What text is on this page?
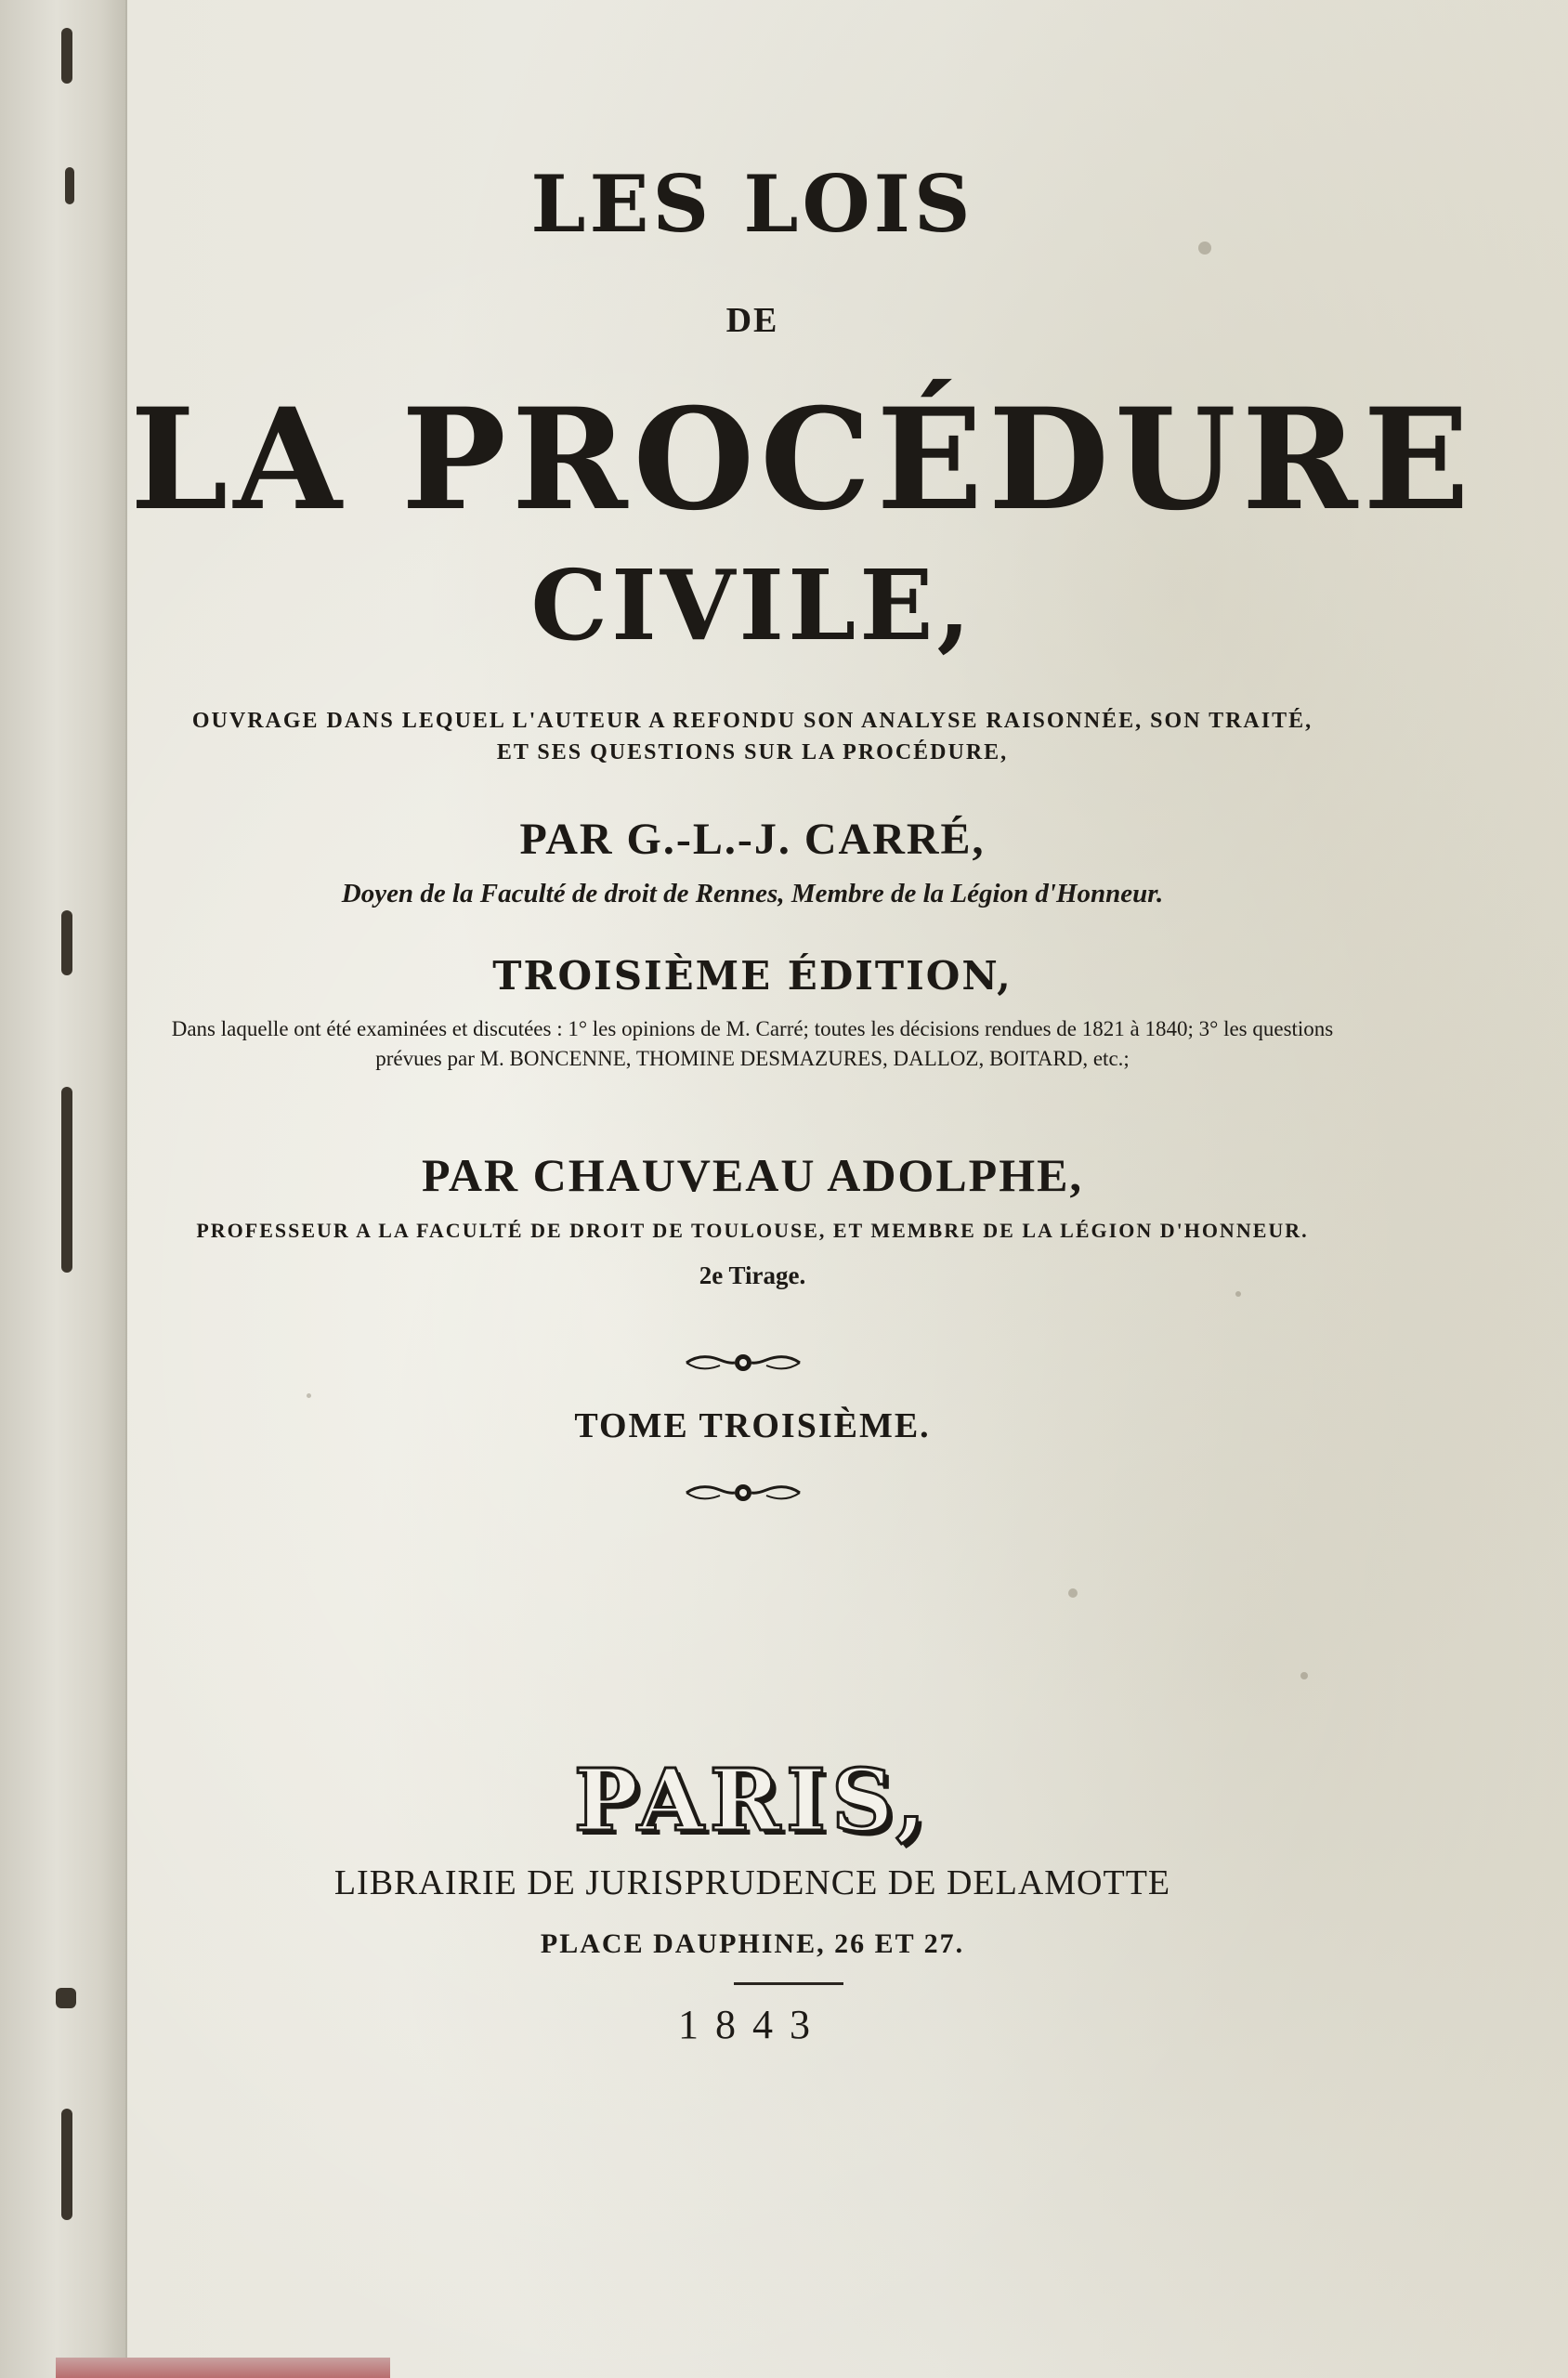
LES LOIS

DE

LA PROCÉDURE

CIVILE,

OUVRAGE DANS LEQUEL L'AUTEUR A REFONDU SON ANALYSE RAISONNÉE, SON TRAITÉ,

ET SES QUESTIONS SUR LA PROCÉDURE,

PAR G.-L.-J. CARRÉ,

Doyen de la Faculté de droit de Rennes, Membre de la Légion d'Honneur.

TROISIÈME ÉDITION,

Dans laquelle ont été examinées et discutées : 1° les opinions de M. Carré; toutes les décisions rendues de 1821 à 1840; 3° les questions prévues par M. BONCENNE, THOMINE DESMAZURES, DALLOZ, BOITARD, etc.;

PAR CHAUVEAU ADOLPHE,

PROFESSEUR A LA FACULTÉ DE DROIT DE TOULOUSE, ET MEMBRE DE LA LÉGION D'HONNEUR.

2e Tirage.

TOME TROISIÈME.

PARIS,

LIBRAIRIE DE JURISPRUDENCE DE DELAMOTTE

PLACE DAUPHINE, 26 ET 27.

1843
